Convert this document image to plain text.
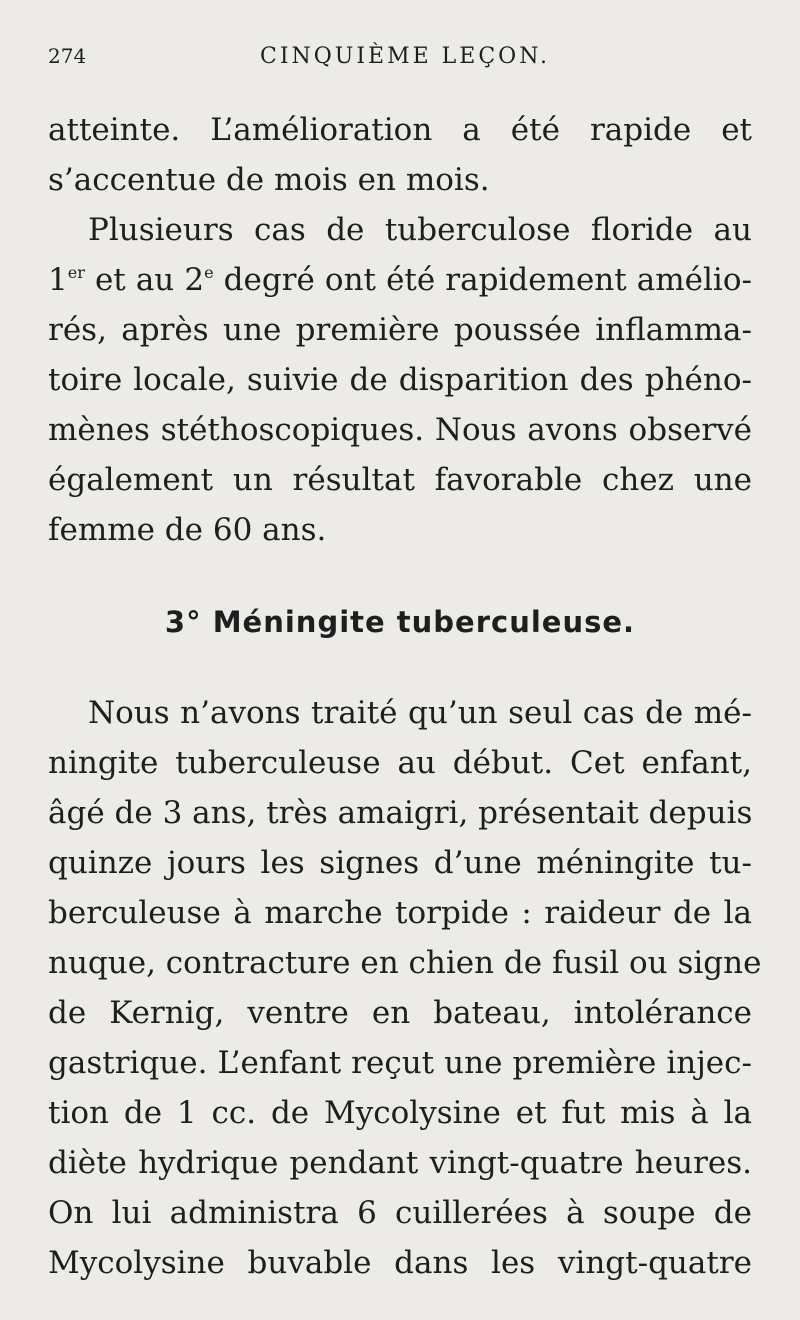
274	CINQUIÈME LEÇON.
atteinte. L’amélioration a été rapide et
s’accentue de mois en mois.
Plusieurs cas de tuberculose floride au
1er et au 2e degré ont été rapidement amélio-
rés, après une première poussée inflamma-
toire locale, suivie de disparition des phéno-
mènes stéthoscopiques. Nous avons observé
également un résultat favorable chez une
femme de 60 ans.
3° Méningite tuberculeuse.
Nous n’avons traité qu’un seul cas de mé-
ningite tuberculeuse au début. Cet enfant,
âgé de 3 ans, très amaigri, présentait depuis
quinze jours les signes d’une méningite tu-
berculeuse à marche torpide : raideur de la
nuque, contracture en chien de fusil ou signe
de Kernig, ventre en bateau, intolérance
gastrique. L’enfant reçut une première injec-
tion de 1 cc. de Mycolysine et fut mis à la
diète hydrique pendant vingt-quatre heures.
On lui administra 6 cuillerées à soupe de
Mycolysine buvable dans les vingt-quatre
